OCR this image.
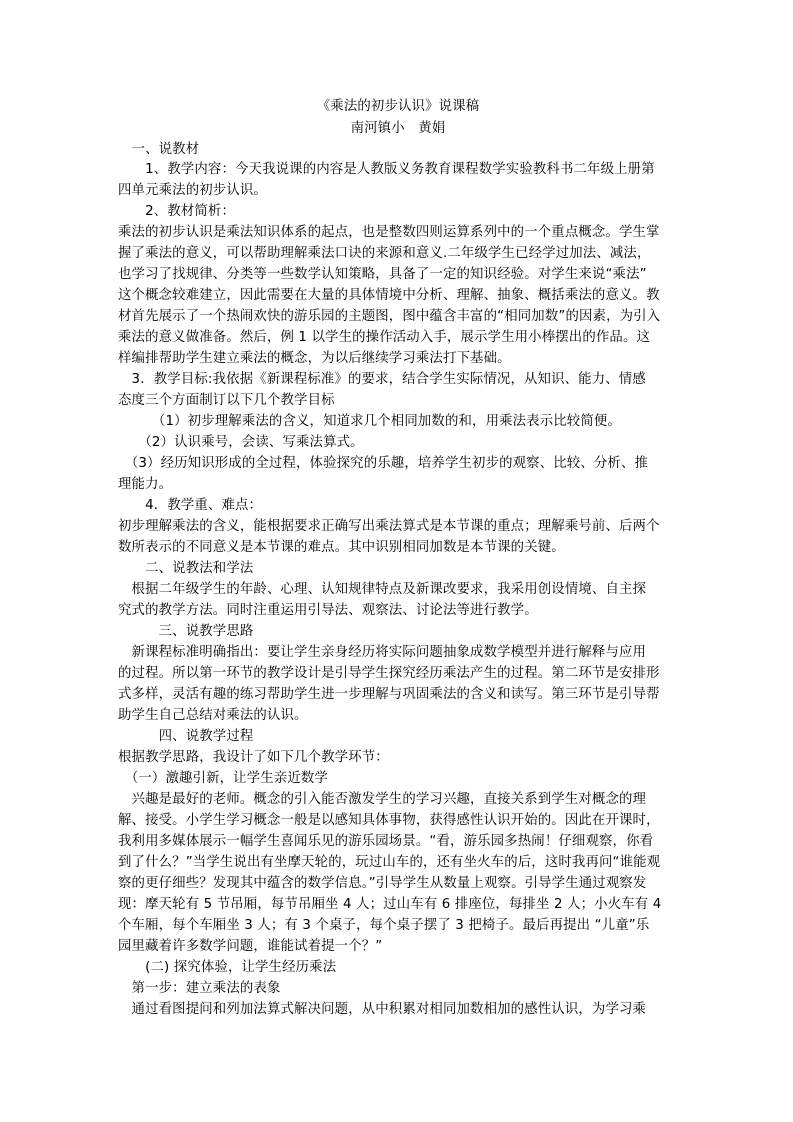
《乘法的初步认识》说课稿
南河镇小　黄娟
　一、说教材
　　1、教学内容：今天我说课的内容是人教版义务教育课程数学实验教科书二年级上册第
四单元乘法的初步认识。
　　2、教材简析：
乘法的初步认识是乘法知识体系的起点，也是整数四则运算系列中的一个重点概念。学生掌
握了乘法的意义，可以帮助理解乘法口诀的来源和意义.二年级学生已经学过加法、减法，
也学习了找规律、分类等一些数学认知策略，具备了一定的知识经验。对学生来说“乘法”
这个概念较难建立，因此需要在大量的具体情境中分析、理解、抽象、概括乘法的意义。教
材首先展示了一个热闹欢快的游乐园的主题图，图中蕴含丰富的“相同加数”的因素，为引入
乘法的意义做准备。然后，例 1 以学生的操作活动入手，展示学生用小棒摆出的作品。这
样编排帮助学生建立乘法的概念，为以后继续学习乘法打下基础。
　3．教学目标:我依据《新课程标准》的要求，结合学生实际情况，从知识、能力、情感
态度三个方面制订以下几个教学目标
　　　（1）初步理解乘法的含义，知道求几个相同加数的和，用乘法表示比较简便。
　　（2）认识乘号，会读、写乘法算式。
　（3）经历知识形成的全过程，体验探究的乐趣，培养学生初步的观察、比较、分析、推
理能力。
　　4．教学重、难点：
初步理解乘法的含义，能根据要求正确写出乘法算式是本节课的重点；理解乘号前、后两个
数所表示的不同意义是本节课的难点。其中识别相同加数是本节课的关键。
　　二、说教法和学法
　根据二年级学生的年龄、心理、认知规律特点及新课改要求，我采用创设情境、自主探
究式的教学方法。同时注重运用引导法、观察法、讨论法等进行教学。
　　　三、说教学思路
　新课程标准明确指出：要让学生亲身经历将实际问题抽象成数学模型并进行解释与应用
的过程。所以第一环节的教学设计是引导学生探究经历乘法产生的过程。第二环节是安排形
式多样，灵活有趣的练习帮助学生进一步理解与巩固乘法的含义和读写。第三环节是引导帮
助学生自己总结对乘法的认识。
　　　四、说教学过程
根据教学思路，我设计了如下几个教学环节：
　（一）激趣引新，让学生亲近数学
　兴趣是最好的老师。概念的引入能否激发学生的学习兴趣，直接关系到学生对概念的理
解、接受。小学生学习概念一般是以感知具体事物，获得感性认识开始的。因此在开课时，
我利用多媒体展示一幅学生喜闻乐见的游乐园场景。“看，游乐园多热闹！仔细观察，你看
到了什么？”当学生说出有坐摩天轮的，玩过山车的，还有坐火车的后，这时我再问“谁能观
察的更仔细些？发现其中蕴含的数学信息。”引导学生从数量上观察。引导学生通过观察发
现：摩天轮有 5 节吊厢，每节吊厢坐 4 人；过山车有 6 排座位，每排坐 2 人；小火车有 4
个车厢，每个车厢坐 3 人；有 3 个桌子，每个桌子摆了 3 把椅子。最后再提出 “儿童”乐
园里藏着许多数学问题，谁能试着提一个？”
　　(二) 探究体验，让学生经历乘法
　第一步：建立乘法的表象
　通过看图提问和列加法算式解决问题，从中积累对相同加数相加的感性认识，为学习乘
